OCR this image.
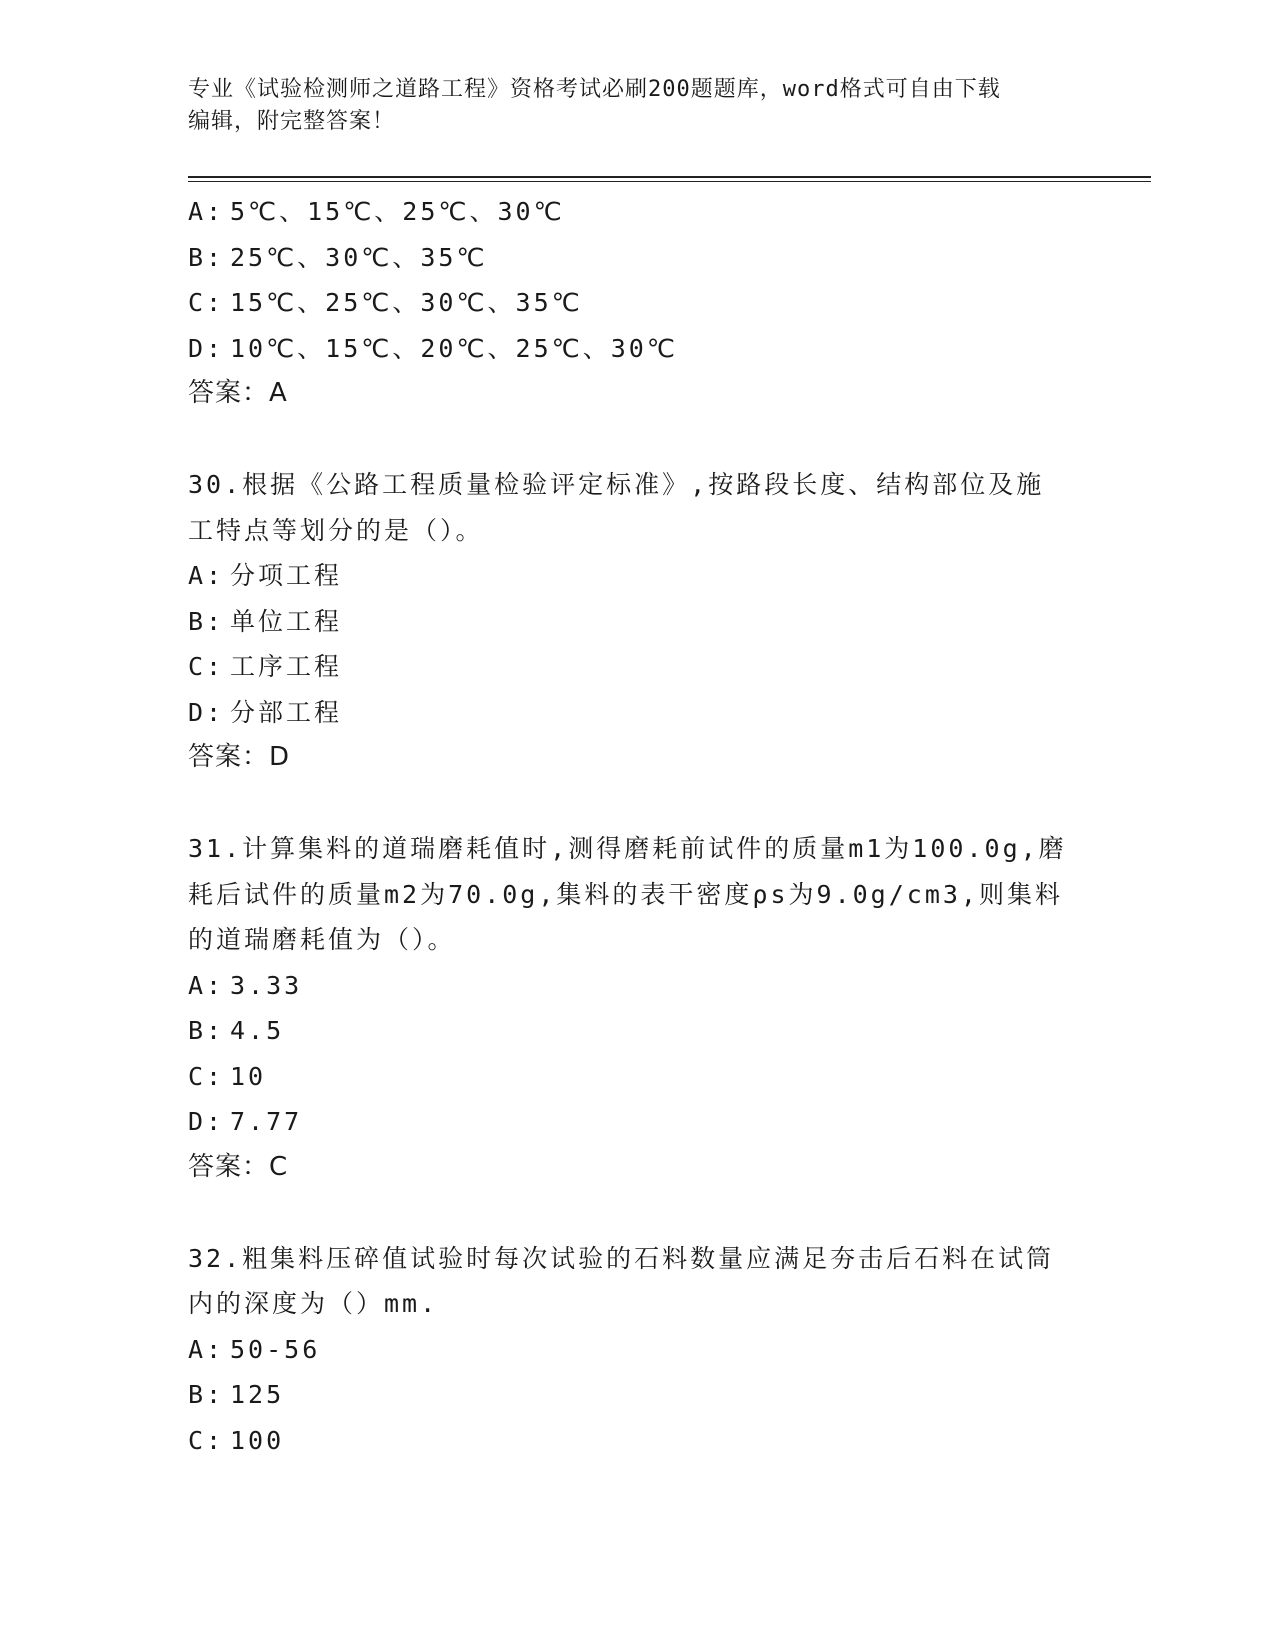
专业《试验检测师之道路工程》资格考试必刷200题题库，word格式可自由下载
编辑，附完整答案！
A: 5℃、15℃、25℃、30℃
B: 25℃、30℃、35℃
C: 15℃、25℃、30℃、35℃
D: 10℃、15℃、20℃、25℃、30℃
答案：A
30.根据《公路工程质量检验评定标准》,按路段长度、结构部位及施
工特点等划分的是（）。
A: 分项工程
B: 单位工程
C: 工序工程
D: 分部工程
答案：D
31.计算集料的道瑞磨耗值时,测得磨耗前试件的质量m1为100.0g,磨
耗后试件的质量m2为70.0g,集料的表干密度ρs为9.0g/cm3,则集料
的道瑞磨耗值为（）。
A: 3.33
B: 4.5
C: 10
D: 7.77
答案：C
32.粗集料压碎值试验时每次试验的石料数量应满足夯击后石料在试筒
内的深度为（）mm.
A: 50-56
B: 125
C: 100
